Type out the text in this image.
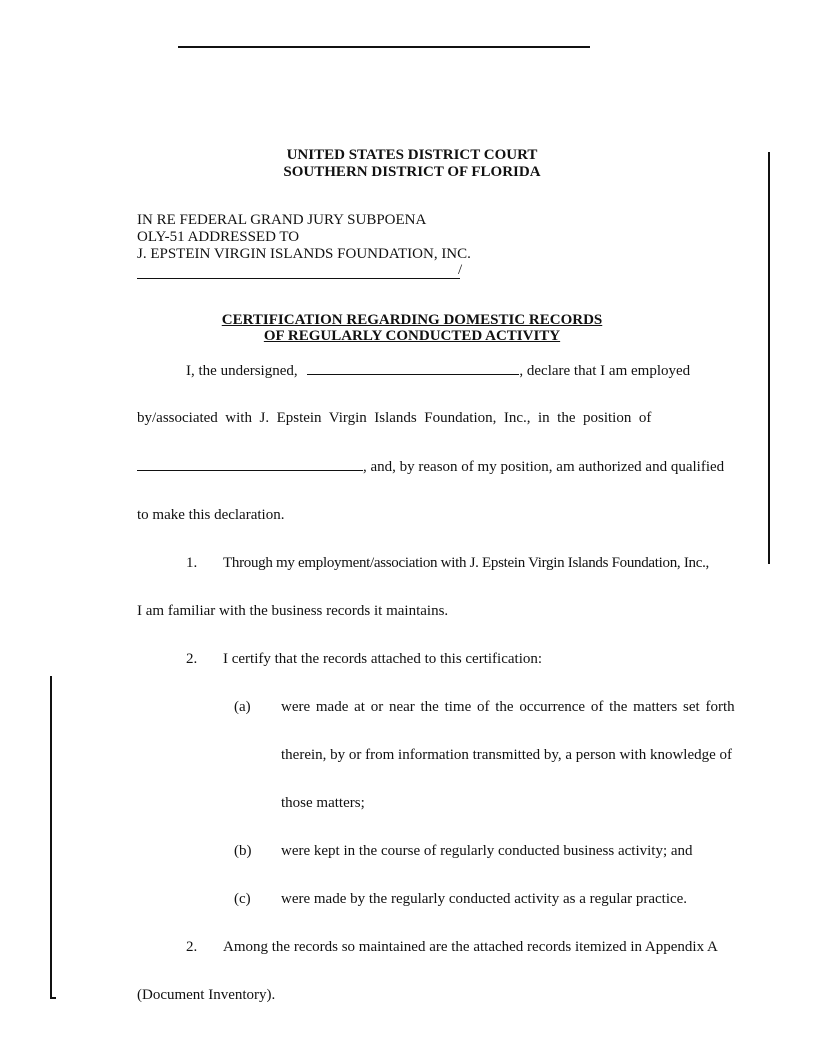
UNITED STATES DISTRICT COURT
SOUTHERN DISTRICT OF FLORIDA
IN RE FEDERAL GRAND JURY SUBPOENA
OLY-51 ADDRESSED TO
J. EPSTEIN VIRGIN ISLANDS FOUNDATION, INC.
/
CERTIFICATION REGARDING DOMESTIC RECORDS
OF REGULARLY CONDUCTED ACTIVITY
I, the undersigned,	, declare that I am employed
by/associated  with  J.  Epstein  Virgin  Islands  Foundation,  Inc.,  in  the  position  of
, and, by reason of my position, am authorized and qualified
to make this declaration.
1. Through my employment/association with J. Epstein Virgin Islands Foundation, Inc.,
I am familiar with the business records it maintains.
2. I certify that the records attached to this certification:
(a) were made at or near the time of the occurrence of the matters set forth
therein, by or from information transmitted by, a person with knowledge of
those matters;
(b) were kept in the course of regularly conducted business activity; and
(c) were made by the regularly conducted activity as a regular practice.
2. Among the records so maintained are the attached records itemized in Appendix A
(Document Inventory).
